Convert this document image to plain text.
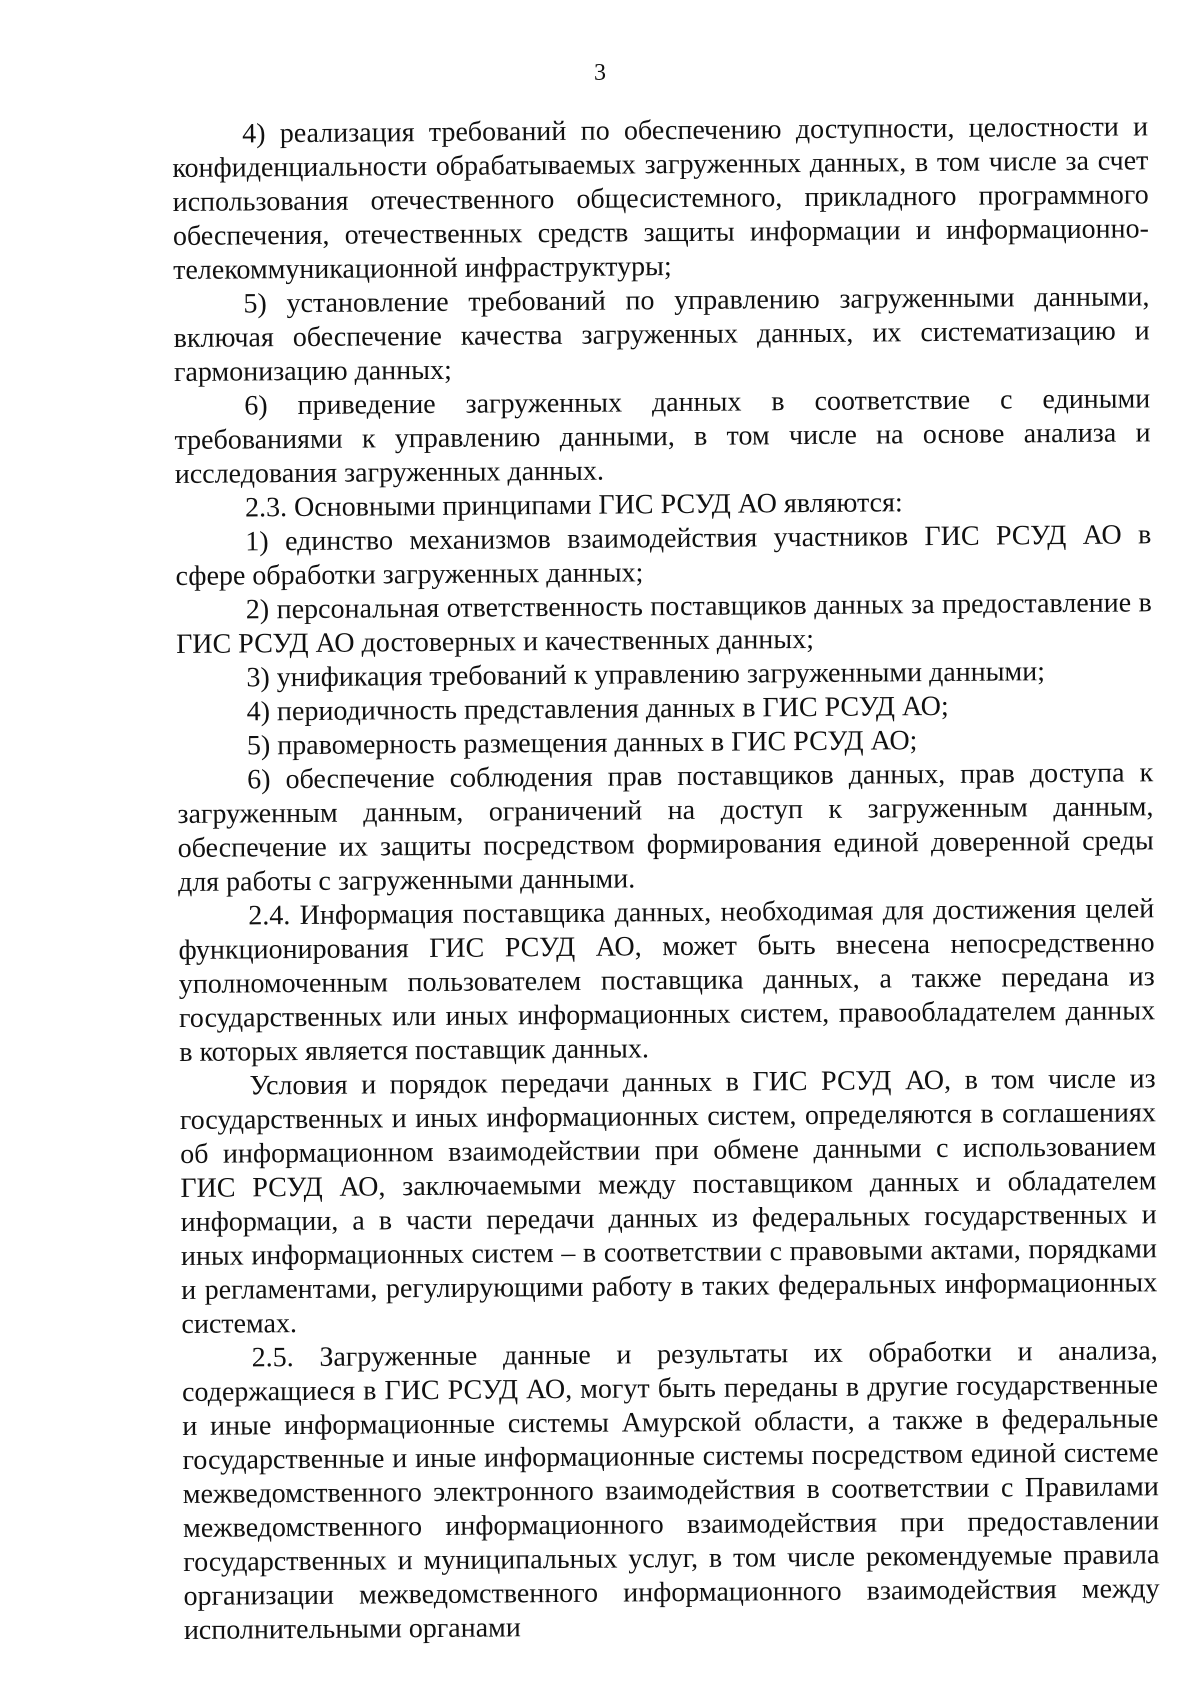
3

4) реализация требований по обеспечению доступности, целостности и конфиденциальности обрабатываемых загруженных данных, в том числе за счет использования отечественного общесистемного, прикладного программного обеспечения, отечественных средств защиты информации и информационно-телекоммуникационной инфраструктуры;

5) установление требований по управлению загруженными данными, включая обеспечение качества загруженных данных, их систематизацию и гармонизацию данных;

6) приведение загруженных данных в соответствие с едиными требованиями к управлению данными, в том числе на основе анализа и исследования загруженных данных.

2.3. Основными принципами ГИС РСУД АО являются:

1) единство механизмов взаимодействия участников ГИС РСУД АО в сфере обработки загруженных данных;

2) персональная ответственность поставщиков данных за предоставление в ГИС РСУД АО достоверных и качественных данных;

3) унификация требований к управлению загруженными данными;

4) периодичность представления данных в ГИС РСУД АО;

5) правомерность размещения данных в ГИС РСУД АО;

6) обеспечение соблюдения прав поставщиков данных, прав доступа к загруженным данным, ограничений на доступ к загруженным данным, обеспечение их защиты посредством формирования единой доверенной среды для работы с загруженными данными.

2.4. Информация поставщика данных, необходимая для достижения целей функционирования ГИС РСУД АО, может быть внесена непосредственно уполномоченным пользователем поставщика данных, а также передана из государственных или иных информационных систем, правообладателем данных в которых является поставщик данных.

Условия и порядок передачи данных в ГИС РСУД АО, в том числе из государственных и иных информационных систем, определяются в соглашениях об информационном взаимодействии при обмене данными с использованием ГИС РСУД АО, заключаемыми между поставщиком данных и обладателем информации, а в части передачи данных из федеральных государственных и иных информационных систем – в соответствии с правовыми актами, порядками и регламентами, регулирующими работу в таких федеральных информационных системах.

2.5. Загруженные данные и результаты их обработки и анализа, содержащиеся в ГИС РСУД АО, могут быть переданы в другие государственные и иные информационные системы Амурской области, а также в федеральные государственные и иные информационные системы посредством единой системе межведомственного электронного взаимодействия в соответствии с Правилами межведомственного информационного взаимодействия при предоставлении государственных и муниципальных услуг, в том числе рекомендуемые правила организации межведомственного информационного взаимодействия между исполнительными органами
